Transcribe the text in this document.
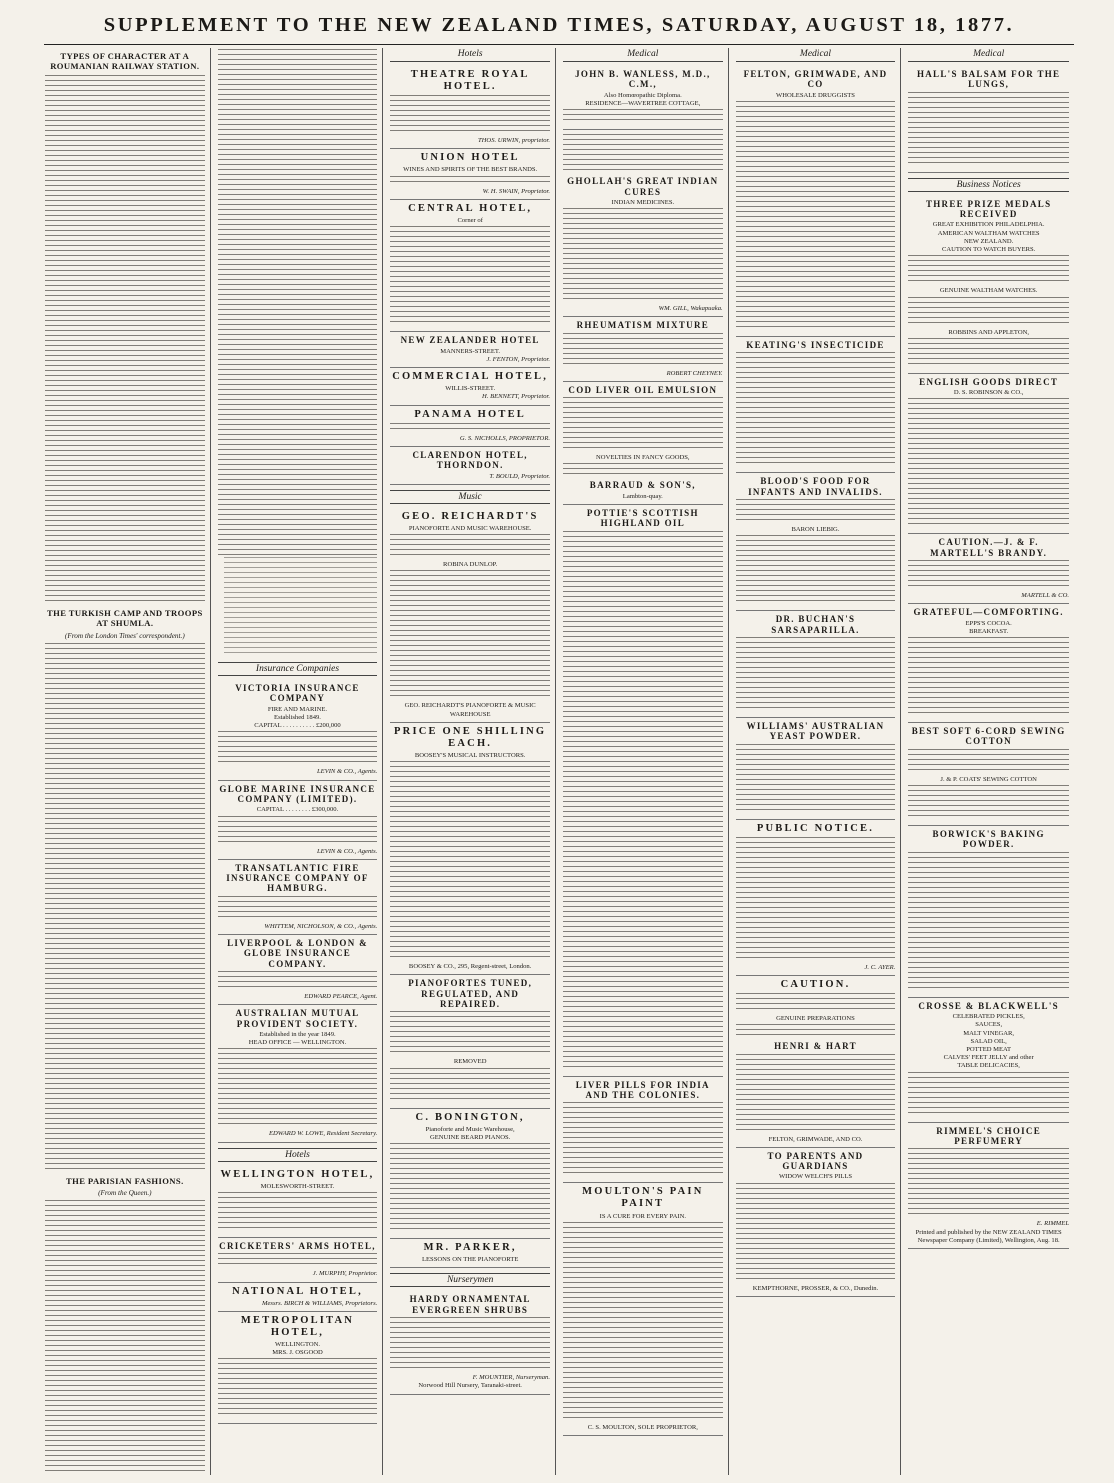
SUPPLEMENT TO THE NEW ZEALAND TIMES, SATURDAY, AUGUST 18, 1877.
TYPES OF CHARACTER AT A ROUMANIAN RAILWAY STATION.
THE TURKISH CAMP AND TROOPS AT SHUMLA.
(From the London Times' correspondent.)
THE PARISIAN FASHIONS.
(From the Queen.)
Insurance Companies
VICTORIA INSURANCE COMPANY
FIRE AND MARINE.
Established 1849.
CAPITAL . . . . . . . . . . £200,000
LEVIN & CO., Agents.
GLOBE MARINE INSURANCE COMPANY (LIMITED).
CAPITAL . . . . . . . . £300,000.
LEVIN & CO., Agents.
TRANSATLANTIC FIRE INSURANCE COMPANY OF HAMBURG.
WHITTEM, NICHOLSON, & CO., Agents.
LIVERPOOL & LONDON & GLOBE INSURANCE COMPANY.
EDWARD PEARCE, Agent.
AUSTRALIAN MUTUAL PROVIDENT SOCIETY.
Established in the year 1849.
HEAD OFFICE — WELLINGTON.
EDWARD W. LOWE, Resident Secretary.
Hotels
WELLINGTON HOTEL,
MOLESWORTH-STREET.
CRICKETERS' ARMS HOTEL,
J. MURPHY, Proprietor.
NATIONAL HOTEL,
Messrs. BIRCH & WILLIAMS, Proprietors.
METROPOLITAN HOTEL,
WELLINGTON.
MRS. J. OSGOOD
Hotels
THEATRE ROYAL HOTEL.
THOS. URWIN, proprietor.
UNION HOTEL
WINES AND SPIRITS OF THE BEST BRANDS.
W. H. SWAIN, Proprietor.
CENTRAL HOTEL,
Corner of
NEW ZEALANDER HOTEL
MANNERS-STREET.
J. FENTON, Proprietor.
COMMERCIAL HOTEL,
WILLIS-STREET.
H. BENNETT, Proprietor.
PANAMA HOTEL
G. S. NICHOLLS, PROPRIETOR.
CLARENDON HOTEL, THORNDON.
T. BOULD, Proprietor.
Music
GEO. REICHARDT'S
PIANOFORTE AND MUSIC WAREHOUSE.
ROBINA DUNLOP.
GEO. REICHARDT'S PIANOFORTE & MUSIC WAREHOUSE
PRICE ONE SHILLING EACH.
BOOSEY'S MUSICAL INSTRUCTORS.
BOOSEY & CO., 295, Regent-street, London.
PIANOFORTES TUNED, REGULATED, AND REPAIRED.
REMOVED
C. BONINGTON,
Pianoforte and Music Warehouse,
GENUINE BEARD PIANOS.
MR. PARKER,
LESSONS ON THE PIANOFORTE
Nurserymen
HARDY ORNAMENTAL EVERGREEN SHRUBS
F. MOUNTIER, Nurseryman.
Norwood Hill Nursery, Taranaki-street.
Medical
JOHN B. WANLESS, M.D., C.M.,
Also Homœopathic Diploma.
RESIDENCE—WAVERTREE COTTAGE,
GHOLLAH'S GREAT INDIAN CURES
INDIAN MEDICINES.
WM. GILL, Wakapuaka.
RHEUMATISM MIXTURE
ROBERT CHEYNEY.
COD LIVER OIL EMULSION
NOVELTIES IN FANCY GOODS,
BARRAUD & SON'S,
Lambton-quay.
POTTIE'S SCOTTISH HIGHLAND OIL
LIVER PILLS FOR INDIA AND THE COLONIES.
MOULTON'S PAIN PAINT
IS A CURE FOR EVERY PAIN.
C. S. MOULTON, SOLE PROPRIETOR,
Medical
FELTON, GRIMWADE, AND CO
WHOLESALE DRUGGISTS
KEATING'S INSECTICIDE
BLOOD'S FOOD FOR INFANTS AND INVALIDS.
BARON LIEBIG.
DR. BUCHAN'S SARSAPARILLA.
WILLIAMS' AUSTRALIAN YEAST POWDER.
PUBLIC NOTICE.
J. C. AYER.
CAUTION.
GENUINE PREPARATIONS
HENRI & HART
FELTON, GRIMWADE, AND CO.
TO PARENTS AND GUARDIANS
WIDOW WELCH'S PILLS
KEMPTHORNE, PROSSER, & CO., Dunedin.
Medical
HALL'S BALSAM FOR THE LUNGS,
Business Notices
THREE PRIZE MEDALS RECEIVED
GREAT EXHIBITION PHILADELPHIA.
AMERICAN WALTHAM WATCHES
NEW ZEALAND.
CAUTION TO WATCH BUYERS.
GENUINE WALTHAM WATCHES.
ROBBINS AND APPLETON,
ENGLISH GOODS DIRECT
D. S. ROBINSON & CO.,
CAUTION.—J. & F. MARTELL'S BRANDY.
MARTELL & CO.
GRATEFUL—COMFORTING.
EPPS'S COCOA.
BREAKFAST.
BEST SOFT 6-CORD SEWING COTTON
J. & P. COATS' SEWING COTTON
BORWICK'S BAKING POWDER.
CROSSE & BLACKWELL'S
CELEBRATED PICKLES,
SAUCES,
MALT VINEGAR,
SALAD OIL,
POTTED MEAT
CALVES' FEET JELLY and other
TABLE DELICACIES,
RIMMEL'S CHOICE PERFUMERY
E. RIMMEL
Printed and published by the NEW ZEALAND TIMES Newspaper Company (Limited), Wellington, Aug. 18.
